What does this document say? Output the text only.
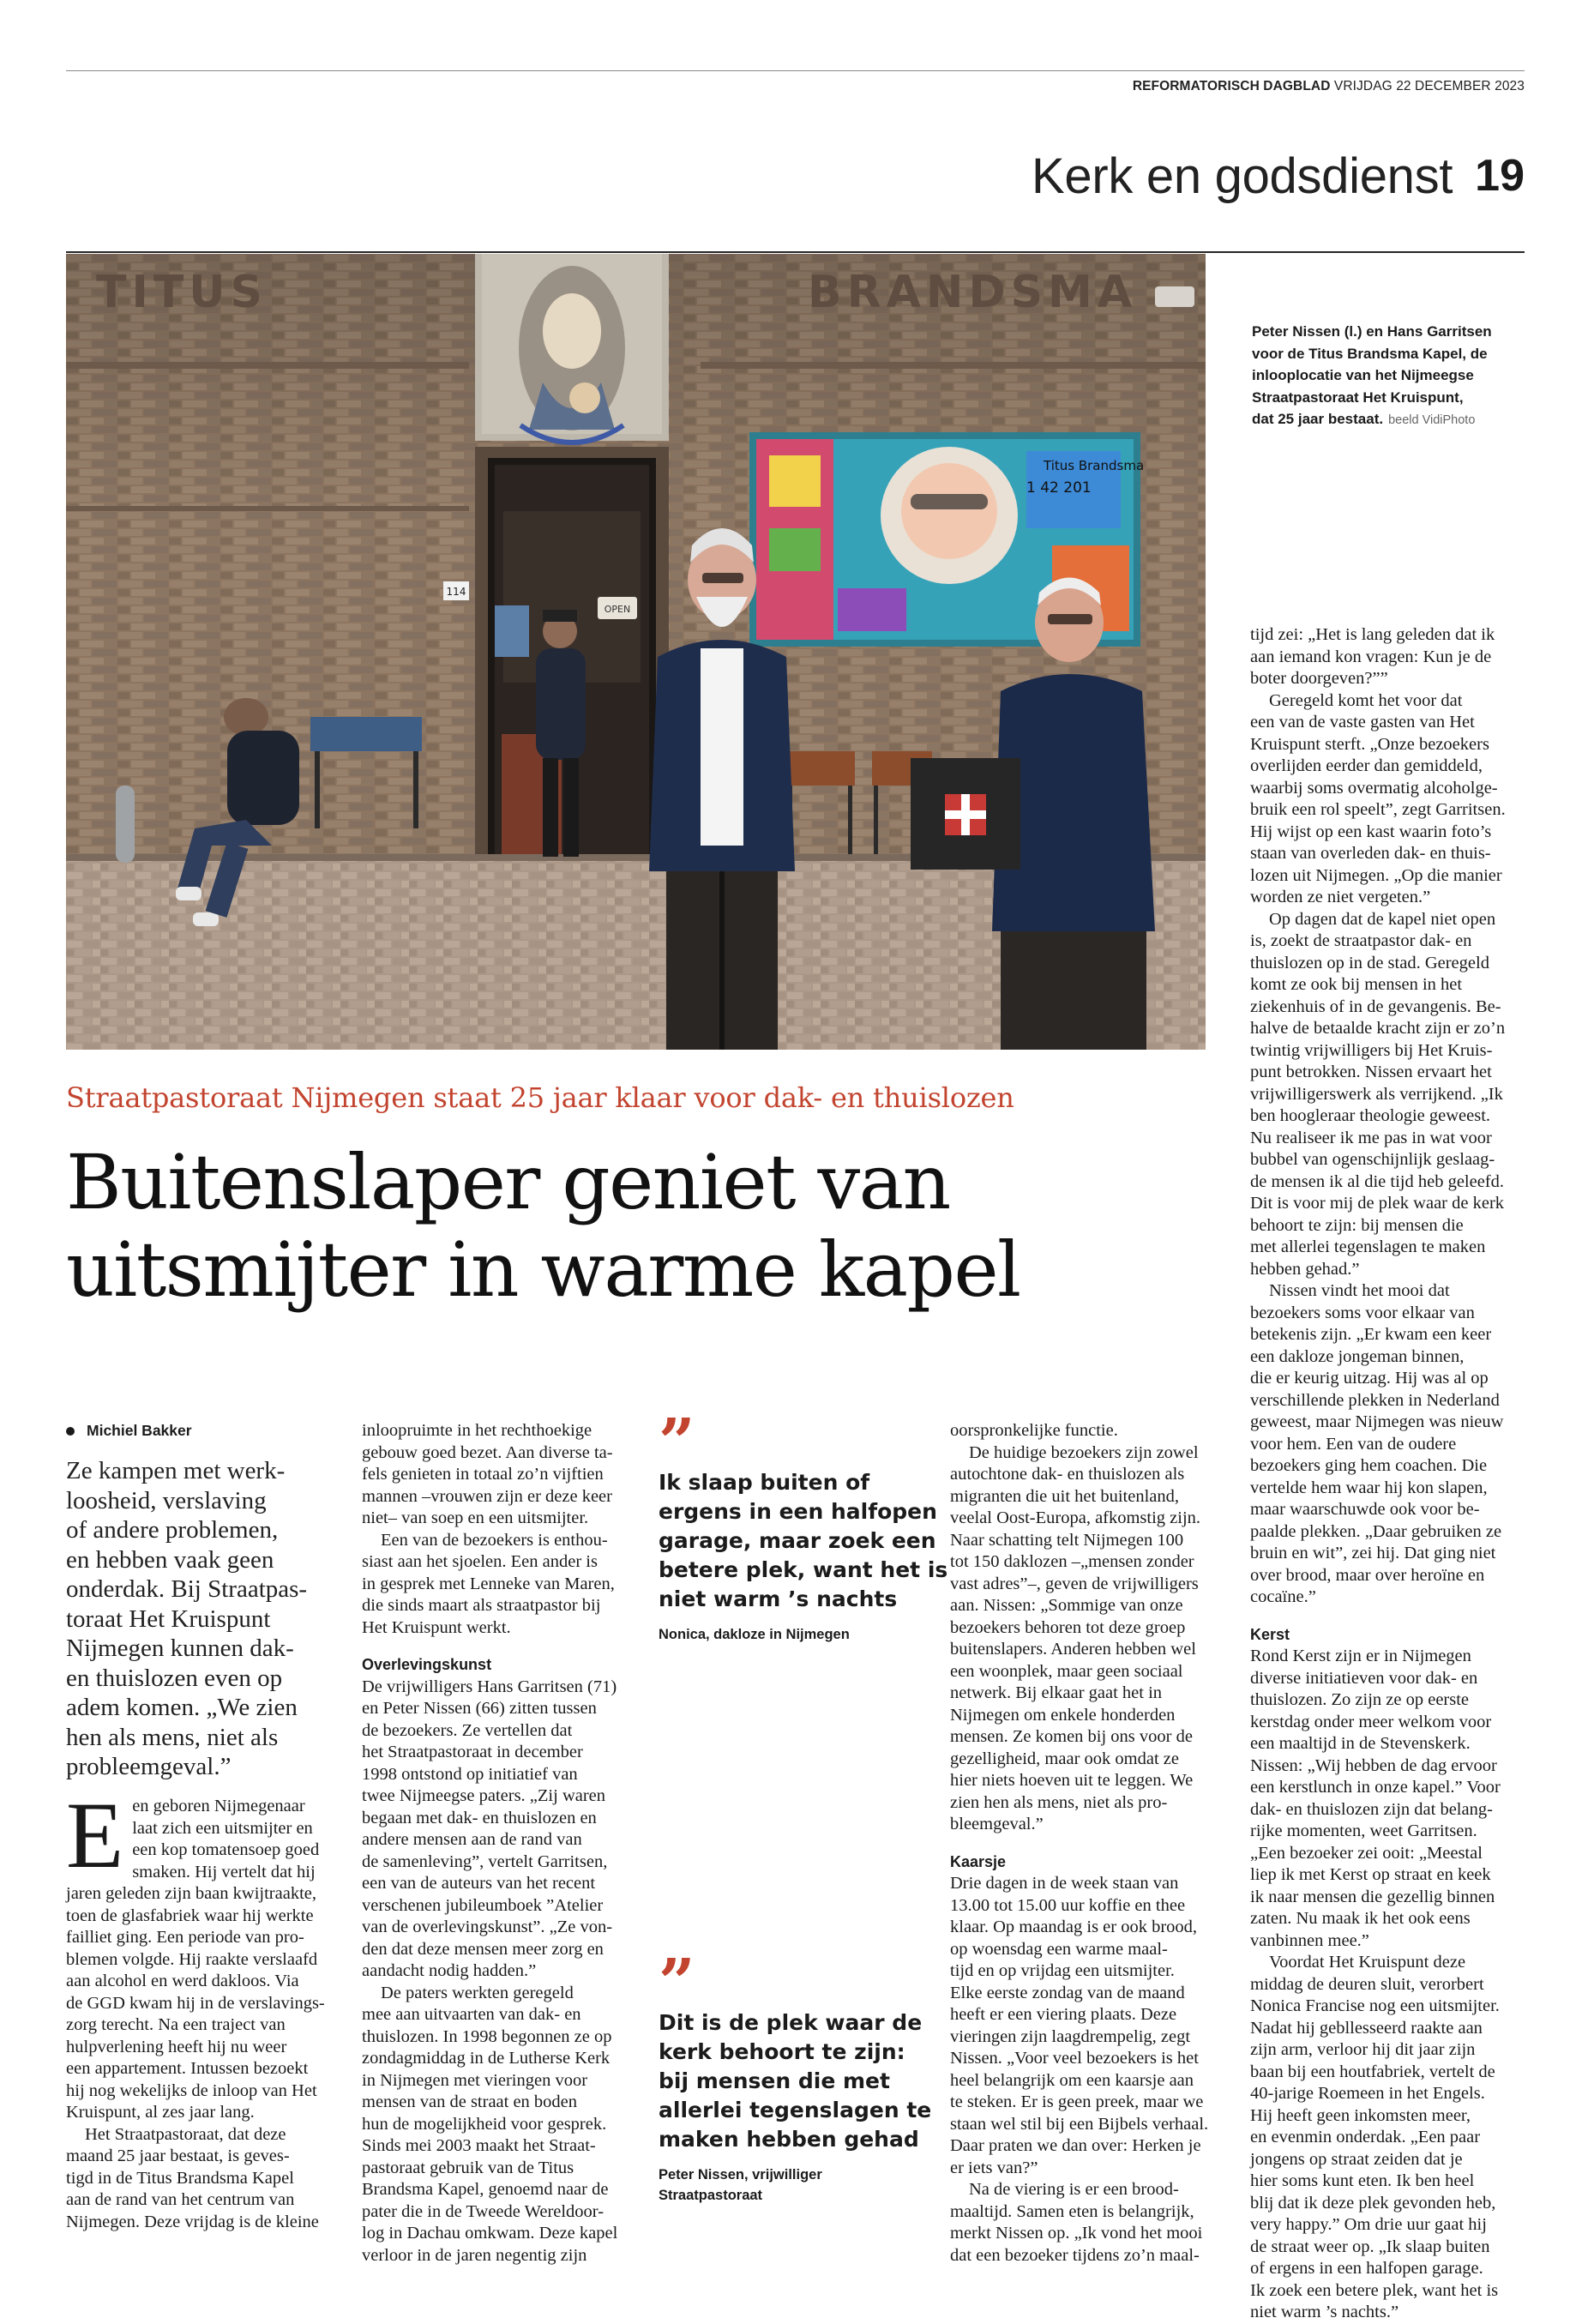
REFORMATORISCH DAGBLAD VRIJDAG 22 DECEMBER 2023
Kerk en godsdienst 19
TITUS	BRANDSMA
114
OPEN
Titus Brandsma
1 42 201
Peter Nissen (l.) en Hans Garritsen
voor de Titus Brandsma Kapel, de
inlooplocatie van het Nijmeegse
Straatpastoraat Het Kruispunt,
dat 25 jaar bestaat. beeld VidiPhoto
Straatpastoraat Nijmegen staat 25 jaar klaar voor dak- en thuislozen
Buitenslaper geniet van
uitsmijter in warme kapel
Michiel Bakker
Ze kampen met werk-
loosheid, verslaving
of andere problemen,
en hebben vaak geen
onderdak. Bij Straatpas-
toraat Het Kruispunt
Nijmegen kunnen dak-
en thuislozen even op
adem komen. „We zien
hen als mens, niet als
probleemgeval.”
E en geboren Nijmegenaar
laat zich een uitsmijter en
een kop tomatensoep goed
smaken. Hij vertelt dat hij
jaren geleden zijn baan kwijtraakte,
toen de glasfabriek waar hij werkte
failliet ging. Een periode van pro-
blemen volgde. Hij raakte verslaafd
aan alcohol en werd dakloos. Via
de GGD kwam hij in de verslavings-
zorg terecht. Na een traject van
hulpverlening heeft hij nu weer
een appartement. Intussen bezoekt
hij nog wekelijks de inloop van Het
Kruispunt, al zes jaar lang.
Het Straatpastoraat, dat deze
maand 25 jaar bestaat, is geves-
tigd in de Titus Brandsma Kapel
aan de rand van het centrum van
Nijmegen. Deze vrijdag is de kleine
inloopruimte in het rechthoekige
gebouw goed bezet. Aan diverse ta-
fels genieten in totaal zo’n vijftien
mannen –vrouwen zijn er deze keer
niet– van soep en een uitsmijter.
Een van de bezoekers is enthou-
siast aan het sjoelen. Een ander is
in gesprek met Lenneke van Maren,
die sinds maart als straatpastor bij
Het Kruispunt werkt.
Overlevingskunst
De vrijwilligers Hans Garritsen (71)
en Peter Nissen (66) zitten tussen
de bezoekers. Ze vertellen dat
het Straatpastoraat in december
1998 ontstond op initiatief van
twee Nijmeegse paters. „Zij waren
begaan met dak- en thuislozen en
andere mensen aan de rand van
de samenleving”, vertelt Garritsen,
een van de auteurs van het recent
verschenen jubileumboek ”Atelier
van de overlevingskunst”. „Ze von-
den dat deze mensen meer zorg en
aandacht nodig hadden.”
De paters werkten geregeld
mee aan uitvaarten van dak- en
thuislozen. In 1998 begonnen ze op
zondagmiddag in de Lutherse Kerk
in Nijmegen met vieringen voor
mensen van de straat en boden
hun de mogelijkheid voor gesprek.
Sinds mei 2003 maakt het Straat-
pastoraat gebruik van de Titus
Brandsma Kapel, genoemd naar de
pater die in de Tweede Wereldoor-
log in Dachau omkwam. Deze kapel
verloor in de jaren negentig zijn
”
Ik slaap buiten of
ergens in een halfopen
garage, maar zoek een
betere plek, want het is
niet warm ’s nachts
Nonica, dakloze in Nijmegen
”
Dit is de plek waar de
kerk behoort te zijn:
bij mensen die met
allerlei tegenslagen te
maken hebben gehad
Peter Nissen, vrijwilliger
Straatpastoraat
oorspronkelijke functie.
De huidige bezoekers zijn zowel
autochtone dak- en thuislozen als
migranten die uit het buitenland,
veelal Oost-Europa, afkomstig zijn.
Naar schatting telt Nijmegen 100
tot 150 daklozen –„mensen zonder
vast adres”–, geven de vrijwilligers
aan. Nissen: „Sommige van onze
bezoekers behoren tot deze groep
buitenslapers. Anderen hebben wel
een woonplek, maar geen sociaal
netwerk. Bij elkaar gaat het in
Nijmegen om enkele honderden
mensen. Ze komen bij ons voor de
gezelligheid, maar ook omdat ze
hier niets hoeven uit te leggen. We
zien hen als mens, niet als pro-
bleemgeval.”
Kaarsje
Drie dagen in de week staan van
13.00 tot 15.00 uur koffie en thee
klaar. Op maandag is er ook brood,
op woensdag een warme maal-
tijd en op vrijdag een uitsmijter.
Elke eerste zondag van de maand
heeft er een viering plaats. Deze
vieringen zijn laagdrempelig, zegt
Nissen. „Voor veel bezoekers is het
heel belangrijk om een kaarsje aan
te steken. Er is geen preek, maar we
staan wel stil bij een Bijbels verhaal.
Daar praten we dan over: Herken je
er iets van?”
Na de viering is er een brood-
maaltijd. Samen eten is belangrijk,
merkt Nissen op. „Ik vond het mooi
dat een bezoeker tijdens zo’n maal-
tijd zei: „Het is lang geleden dat ik
aan iemand kon vragen: Kun je de
boter doorgeven?””
Geregeld komt het voor dat
een van de vaste gasten van Het
Kruispunt sterft. „Onze bezoekers
overlijden eerder dan gemiddeld,
waarbij soms overmatig alcoholge-
bruik een rol speelt”, zegt Garritsen.
Hij wijst op een kast waarin foto’s
staan van overleden dak- en thuis-
lozen uit Nijmegen. „Op die manier
worden ze niet vergeten.”
Op dagen dat de kapel niet open
is, zoekt de straatpastor dak- en
thuislozen op in de stad. Geregeld
komt ze ook bij mensen in het
ziekenhuis of in de gevangenis. Be-
halve de betaalde kracht zijn er zo’n
twintig vrijwilligers bij Het Kruis-
punt betrokken. Nissen ervaart het
vrijwilligerswerk als verrijkend. „Ik
ben hoogleraar theologie geweest.
Nu realiseer ik me pas in wat voor
bubbel van ogenschijnlijk geslaag-
de mensen ik al die tijd heb geleefd.
Dit is voor mij de plek waar de kerk
behoort te zijn: bij mensen die
met allerlei tegenslagen te maken
hebben gehad.”
Nissen vindt het mooi dat
bezoekers soms voor elkaar van
betekenis zijn. „Er kwam een keer
een dakloze jongeman binnen,
die er keurig uitzag. Hij was al op
verschillende plekken in Nederland
geweest, maar Nijmegen was nieuw
voor hem. Een van de oudere
bezoekers ging hem coachen. Die
vertelde hem waar hij kon slapen,
maar waarschuwde ook voor be-
paalde plekken. „Daar gebruiken ze
bruin en wit”, zei hij. Dat ging niet
over brood, maar over heroïne en
cocaïne.”
Kerst
Rond Kerst zijn er in Nijmegen
diverse initiatieven voor dak- en
thuislozen. Zo zijn ze op eerste
kerstdag onder meer welkom voor
een maaltijd in de Stevenskerk.
Nissen: „Wij hebben de dag ervoor
een kerstlunch in onze kapel.” Voor
dak- en thuislozen zijn dat belang-
rijke momenten, weet Garritsen.
„Een bezoeker zei ooit: „Meestal
liep ik met Kerst op straat en keek
ik naar mensen die gezellig binnen
zaten. Nu maak ik het ook eens
vanbinnen mee.”
Voordat Het Kruispunt deze
middag de deuren sluit, verorbert
Nonica Francise nog een uitsmijter.
Nadat hij gebllesseerd raakte aan
zijn arm, verloor hij dit jaar zijn
baan bij een houtfabriek, vertelt de
40-jarige Roemeen in het Engels.
Hij heeft geen inkomsten meer,
en evenmin onderdak. „Een paar
jongens op straat zeiden dat je
hier soms kunt eten. Ik ben heel
blij dat ik deze plek gevonden heb,
very happy.” Om drie uur gaat hij
de straat weer op. „Ik slaap buiten
of ergens in een halfopen garage.
Ik zoek een betere plek, want het is
niet warm ’s nachts.”
